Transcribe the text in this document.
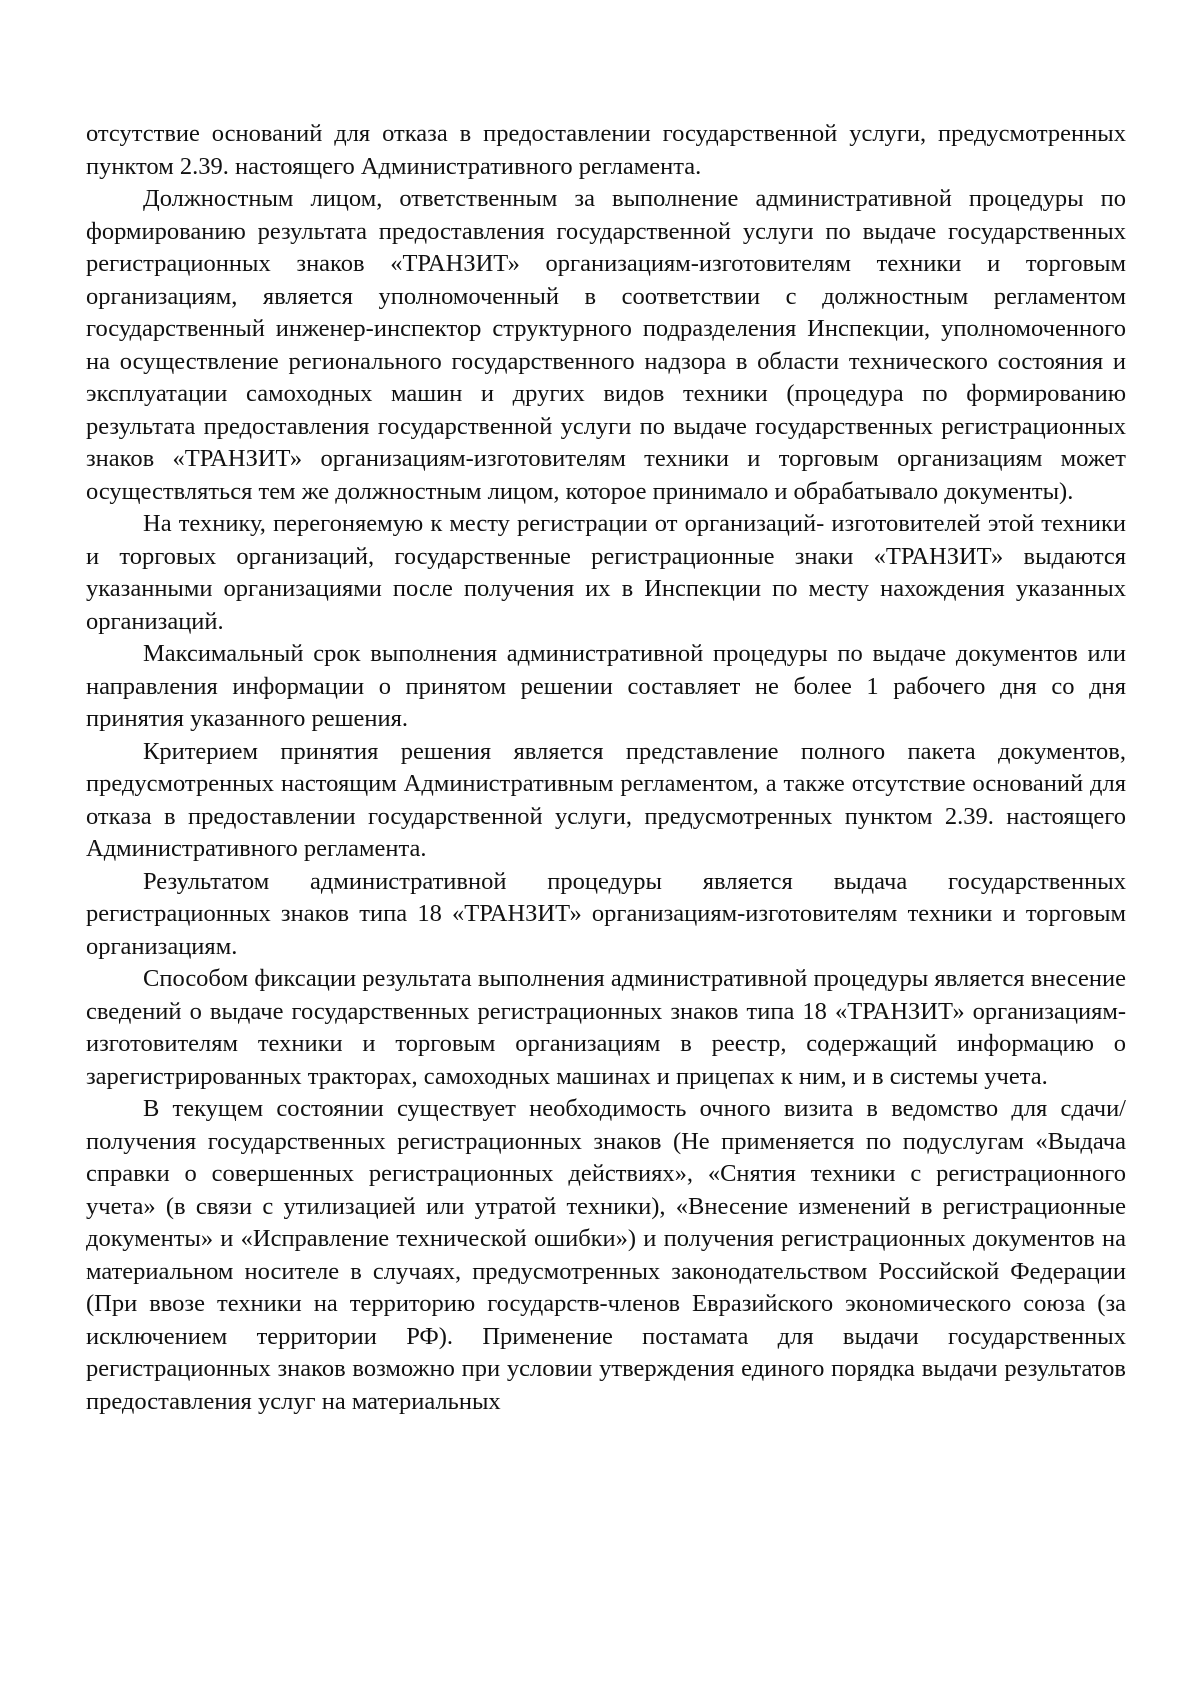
отсутствие оснований для отказа в предоставлении государственной услуги, предусмотренных пунктом 2.39. настоящего Административного регламента.

Должностным лицом, ответственным за выполнение административной процедуры по формированию результата предоставления государственной услуги по выдаче государственных регистрационных знаков «ТРАНЗИТ» организациям-изготовителям техники и торговым организациям, является уполномоченный в соответствии с должностным регламентом государственный инженер-инспектор структурного подразделения Инспекции, уполномоченного на осуществление регионального государственного надзора в области технического состояния и эксплуатации самоходных машин и других видов техники (процедура по формированию результата предоставления государственной услуги по выдаче государственных регистрационных знаков «ТРАНЗИТ» организациям-изготовителям техники и торговым организациям может осуществляться тем же должностным лицом, которое принимало и обрабатывало документы).

На технику, перегоняемую к месту регистрации от организаций- изготовителей этой техники и торговых организаций, государственные регистрационные знаки «ТРАНЗИТ» выдаются указанными организациями после получения их в Инспекции по месту нахождения указанных организаций.

Максимальный срок выполнения административной процедуры по выдаче документов или направления информации о принятом решении составляет не более 1 рабочего дня со дня принятия указанного решения.

Критерием принятия решения является представление полного пакета документов, предусмотренных настоящим Административным регламентом, а также отсутствие оснований для отказа в предоставлении государственной услуги, предусмотренных пунктом 2.39. настоящего Административного регламента.

Результатом административной процедуры является выдача государственных регистрационных знаков типа 18 «ТРАНЗИТ» организациям-изготовителям техники и торговым организациям.

Способом фиксации результата выполнения административной процедуры является внесение сведений о выдаче государственных регистрационных знаков типа 18 «ТРАНЗИТ» организациям-изготовителям техники и торговым организациям в реестр, содержащий информацию о зарегистрированных тракторах, самоходных машинах и прицепах к ним, и в системы учета.

В текущем состоянии существует необходимость очного визита в ведомство для сдачи/получения государственных регистрационных знаков (Не применяется по подуслугам «Выдача справки о совершенных регистрационных действиях», «Снятия техники с регистрационного учета» (в связи с утилизацией или утратой техники), «Внесение изменений в регистрационные документы» и «Исправление технической ошибки») и получения регистрационных документов на материальном носителе в случаях, предусмотренных законодательством Российской Федерации (При ввозе техники на территорию государств-членов Евразийского экономического союза (за исключением территории РФ). Применение постамата для выдачи государственных регистрационных знаков возможно при условии утверждения единого порядка выдачи результатов предоставления услуг на материальных
